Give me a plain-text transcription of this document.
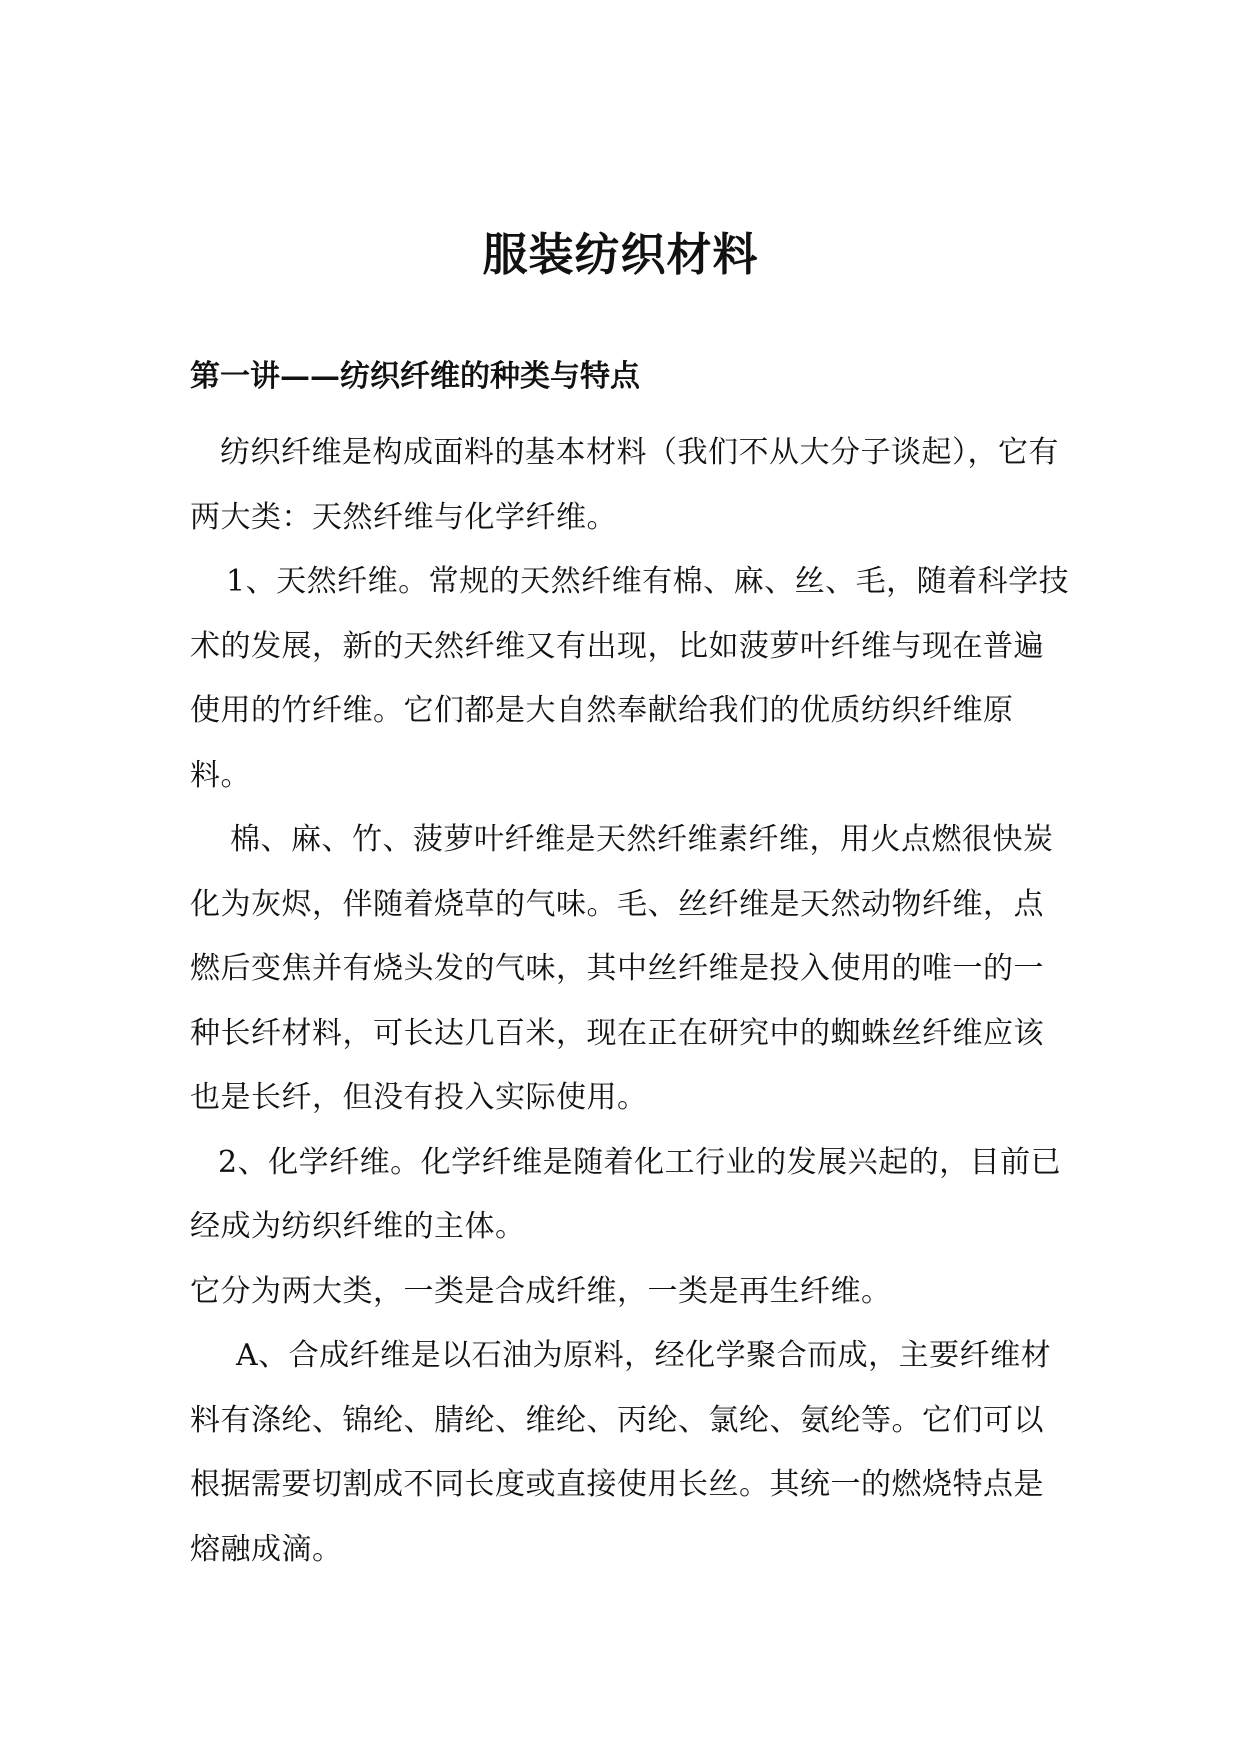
服装纺织材料
第一讲——纺织纤维的种类与特点

纺织纤维是构成面料的基本材料（我们不从大分子谈起），它有两大类：天然纤维与化学纤维。

1、天然纤维。常规的天然纤维有棉、麻、丝、毛，随着科学技术的发展，新的天然纤维又有出现，比如菠萝叶纤维与现在普遍使用的竹纤维。它们都是大自然奉献给我们的优质纺织纤维原料。

棉、麻、竹、菠萝叶纤维是天然纤维素纤维，用火点燃很快炭化为灰烬，伴随着烧草的气味。毛、丝纤维是天然动物纤维，点燃后变焦并有烧头发的气味，其中丝纤维是投入使用的唯一的一种长纤材料，可长达几百米，现在正在研究中的蜘蛛丝纤维应该也是长纤，但没有投入实际使用。

2、化学纤维。化学纤维是随着化工行业的发展兴起的，目前已经成为纺织纤维的主体。

它分为两大类，一类是合成纤维，一类是再生纤维。

A、合成纤维是以石油为原料，经化学聚合而成，主要纤维材料有涤纶、锦纶、腈纶、维纶、丙纶、氯纶、氨纶等。它们可以根据需要切割成不同长度或直接使用长丝。其统一的燃烧特点是熔融成滴。
